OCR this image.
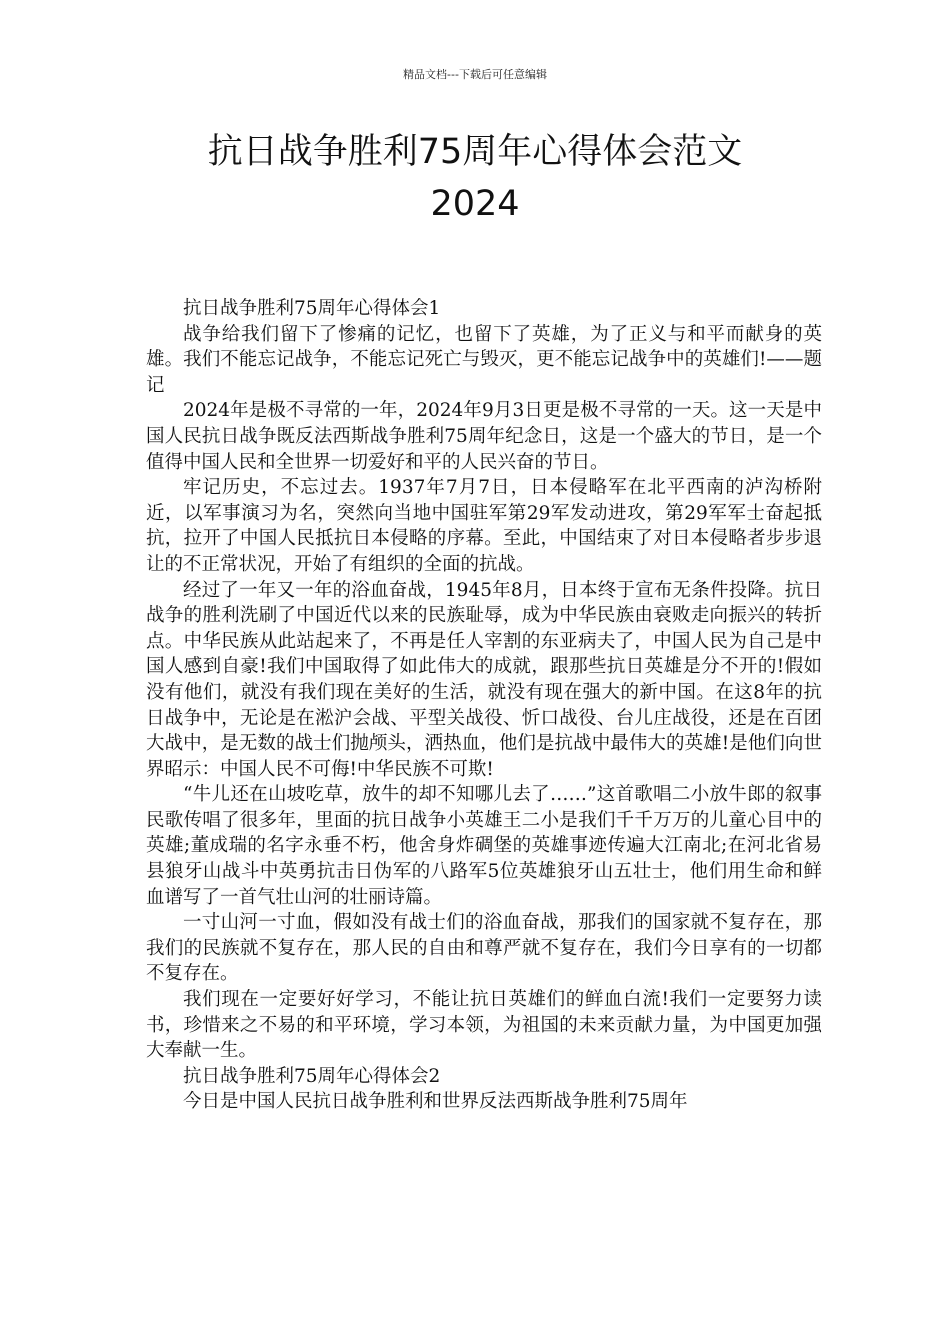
精品文档---下载后可任意编辑
抗日战争胜利75周年心得体会范文
2024

抗日战争胜利75周年心得体会1

战争给我们留下了惨痛的记忆，也留下了英雄，为了正义与和平而献身的英雄。我们不能忘记战争，不能忘记死亡与毁灭，更不能忘记战争中的英雄们!——题记

2024年是极不寻常的一年，2024年9月3日更是极不寻常的一天。这一天是中国人民抗日战争既反法西斯战争胜利75周年纪念日，这是一个盛大的节日，是一个值得中国人民和全世界一切爱好和平的人民兴奋的节日。

牢记历史，不忘过去。1937年7月7日，日本侵略军在北平西南的泸沟桥附近，以军事演习为名，突然向当地中国驻军第29军发动进攻，第29军军士奋起抵抗，拉开了中国人民抵抗日本侵略的序幕。至此，中国结束了对日本侵略者步步退让的不正常状况，开始了有组织的全面的抗战。

经过了一年又一年的浴血奋战，1945年8月，日本终于宣布无条件投降。抗日战争的胜利洗刷了中国近代以来的民族耻辱，成为中华民族由衰败走向振兴的转折点。中华民族从此站起来了，不再是任人宰割的东亚病夫了，中国人民为自己是中国人感到自豪!我们中国取得了如此伟大的成就，跟那些抗日英雄是分不开的!假如没有他们，就没有我们现在美好的生活，就没有现在强大的新中国。在这8年的抗日战争中，无论是在淞沪会战、平型关战役、忻口战役、台儿庄战役，还是在百团大战中，是无数的战士们抛颅头，洒热血，他们是抗战中最伟大的英雄!是他们向世界昭示：中国人民不可侮!中华民族不可欺!

“牛儿还在山坡吃草，放牛的却不知哪儿去了……”这首歌唱二小放牛郎的叙事民歌传唱了很多年，里面的抗日战争小英雄王二小是我们千千万万的儿童心目中的英雄;董成瑞的名字永垂不朽，他舍身炸碉堡的英雄事迹传遍大江南北;在河北省易县狼牙山战斗中英勇抗击日伪军的八路军5位英雄狼牙山五壮士，他们用生命和鲜血谱写了一首气壮山河的壮丽诗篇。

一寸山河一寸血，假如没有战士们的浴血奋战，那我们的国家就不复存在，那我们的民族就不复存在，那人民的自由和尊严就不复存在，我们今日享有的一切都不复存在。

我们现在一定要好好学习，不能让抗日英雄们的鲜血白流!我们一定要努力读书，珍惜来之不易的和平环境，学习本领，为祖国的未来贡献力量，为中国更加强大奉献一生。

抗日战争胜利75周年心得体会2

今日是中国人民抗日战争胜利和世界反法西斯战争胜利75周年
